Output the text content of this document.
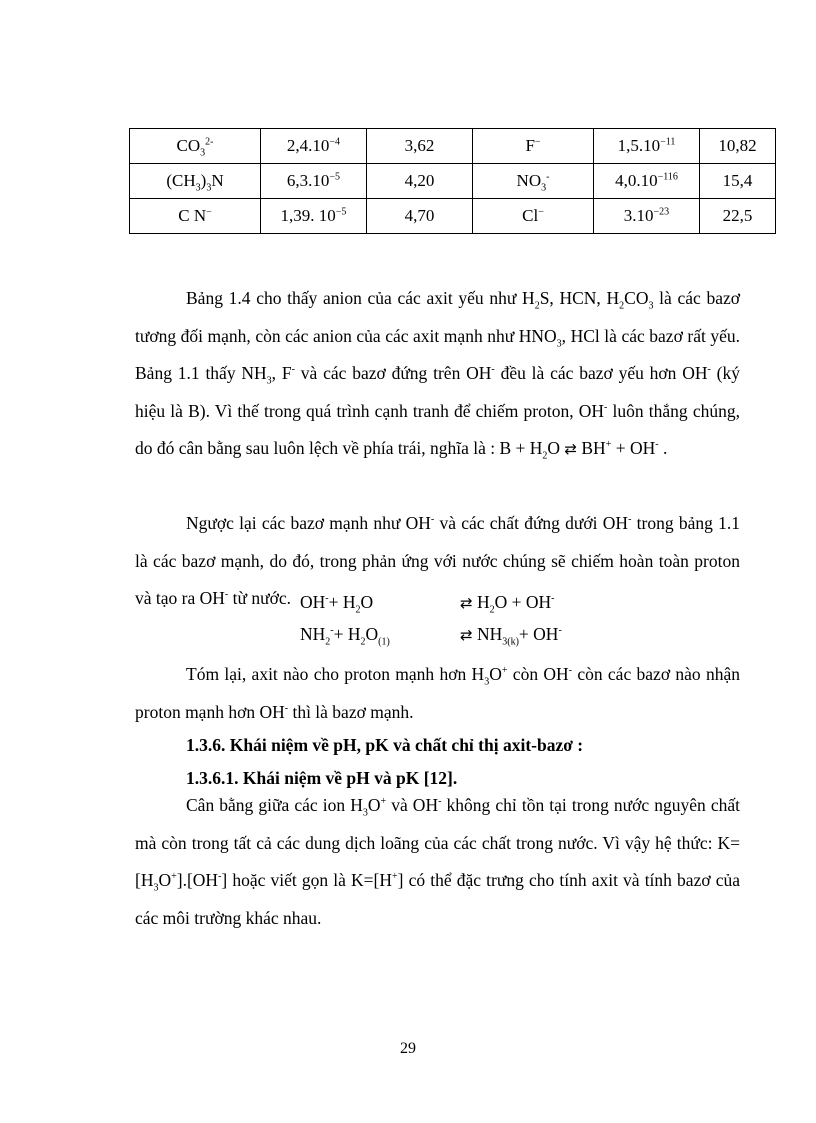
$CO_3^{2-}$	$2,4.10^{-4}$	3,62	F−	$1,5.10^{-11}$	10,82
$(CH_3)_3N$	$6,3.10^{-5}$	4,20	$NO_3^-$	$4,0.10^{-116}$	15,4
C N−	1,39. $10^{-5}$	4,70	Cl−	$3.10^{-23}$	22,5

Bảng 1.4 cho thấy anion của các axit yếu như $H_2S$, HCN, $H_2CO_3$ là các bazơ tương đối mạnh, còn các anion của các axit mạnh như $HNO_3$, HCl là các bazơ rất yếu. Bảng 1.1 thấy $NH_3$, F- và các bazơ đứng trên OH- đều là các bazơ yếu hơn OH- (ký hiệu là B). Vì thế trong quá trình cạnh tranh để chiếm proton, OH- luôn thắng chúng, do đó cân bằng sau luôn lệch về phía trái, nghĩa là : $B + H_2O$ ⇄ BH+ + OH- .

Ngược lại các bazơ mạnh như OH- và các chất đứng dưới OH- trong bảng 1.1 là các bazơ mạnh, do đó, trong phản ứng với nước chúng sẽ chiếm hoàn toàn proton và tạo ra OH- từ nước. $OH^-+ H_2O$	⇄ $H_2O + OH^-$
$NH_2^-+ H_2O_{(1)}$	⇄ $NH_{3(k)}+ OH^-$

Tóm lại, axit nào cho proton mạnh hơn $H_3O^+$ còn OH- còn các bazơ nào nhận proton mạnh hơn OH- thì là bazơ mạnh.

1.3.6. Khái niệm về pH, pK và chất chỉ thị axit-bazơ :
1.3.6.1. Khái niệm về pH và pK [12].

Cân bằng giữa các ion $H_3O^+$ và OH- không chỉ tồn tại trong nước nguyên chất mà còn trong tất cả các dung dịch loãng của các chất trong nước. Vì vậy hệ thức: $K= [H_3O^+].[OH^-]$ hoặc viết gọn là K=[H+] có thể đặc trưng cho tính axit và tính bazơ của các môi trường khác nhau.

29
